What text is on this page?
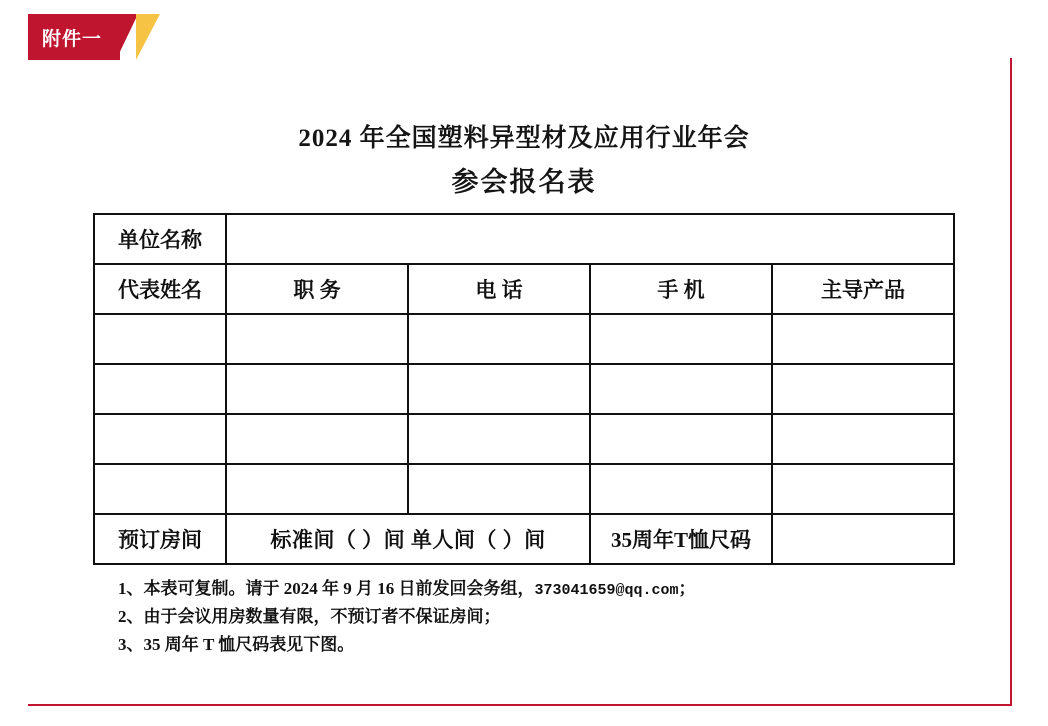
附件一
2024 年全国塑料异型材及应用行业年会
参会报名表
单位名称				
代表姓名	职 务	电 话	手 机	主导产品

预订房间	标准间（ ）间 单人间（ ）间		35周年T恤尺码	
1、本表可复制。请于 2024 年 9 月 16 日前发回会务组，373041659@qq.com；
2、由于会议用房数量有限，不预订者不保证房间；
3、35 周年 T 恤尺码表见下图。
